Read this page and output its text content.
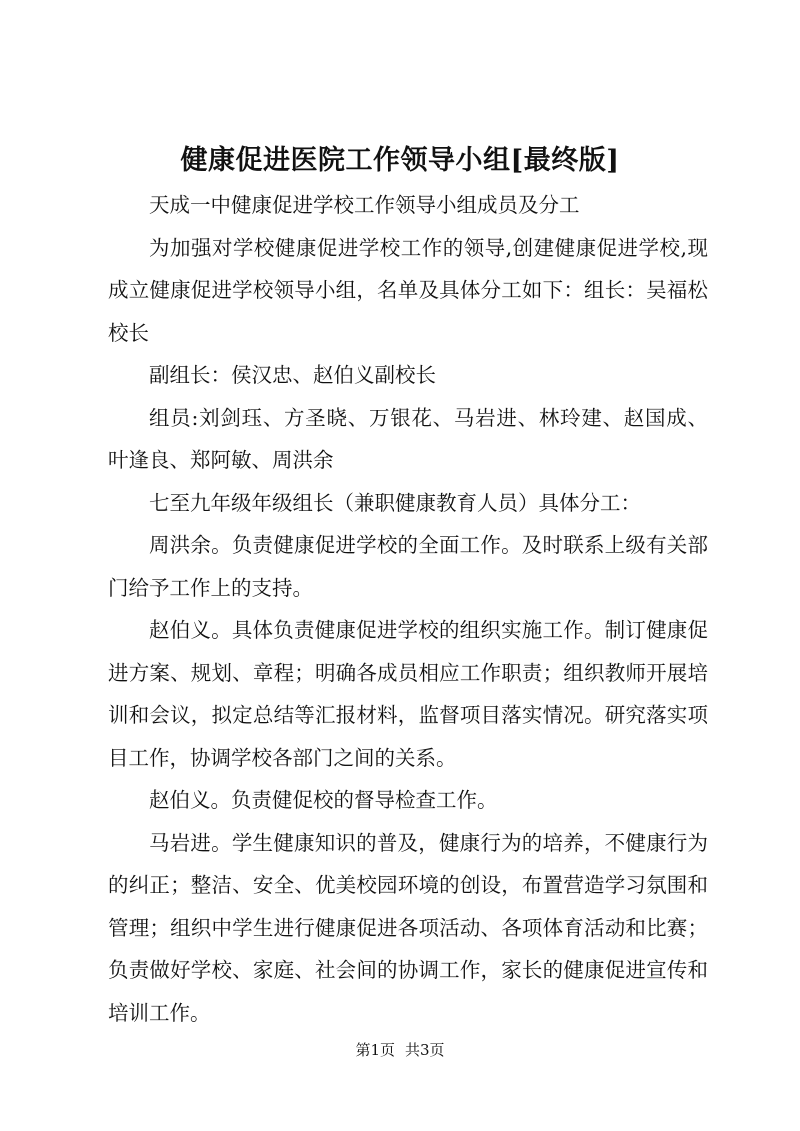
健康促进医院工作领导小组[最终版]

天成一中健康促进学校工作领导小组成员及分工

为加强对学校健康促进学校工作的领导,创建健康促进学校,现成立健康促进学校领导小组，名单及具体分工如下：组长：吴福松校长

副组长：侯汉忠、赵伯义副校长

组员:刘剑珏、方圣晓、万银花、马岩进、林玲建、赵国成、叶逢良、郑阿敏、周洪余

七至九年级年级组长（兼职健康教育人员）具体分工：

周洪余。负责健康促进学校的全面工作。及时联系上级有关部门给予工作上的支持。

赵伯义。具体负责健康促进学校的组织实施工作。制订健康促进方案、规划、章程；明确各成员相应工作职责；组织教师开展培训和会议，拟定总结等汇报材料，监督项目落实情况。研究落实项目工作，协调学校各部门之间的关系。

赵伯义。负责健促校的督导检查工作。

马岩进。学生健康知识的普及，健康行为的培养，不健康行为的纠正；整洁、安全、优美校园环境的创设，布置营造学习氛围和管理；组织中学生进行健康促进各项活动、各项体育活动和比赛；负责做好学校、家庭、社会间的协调工作，家长的健康促进宣传和培训工作。

第1页 共3页
